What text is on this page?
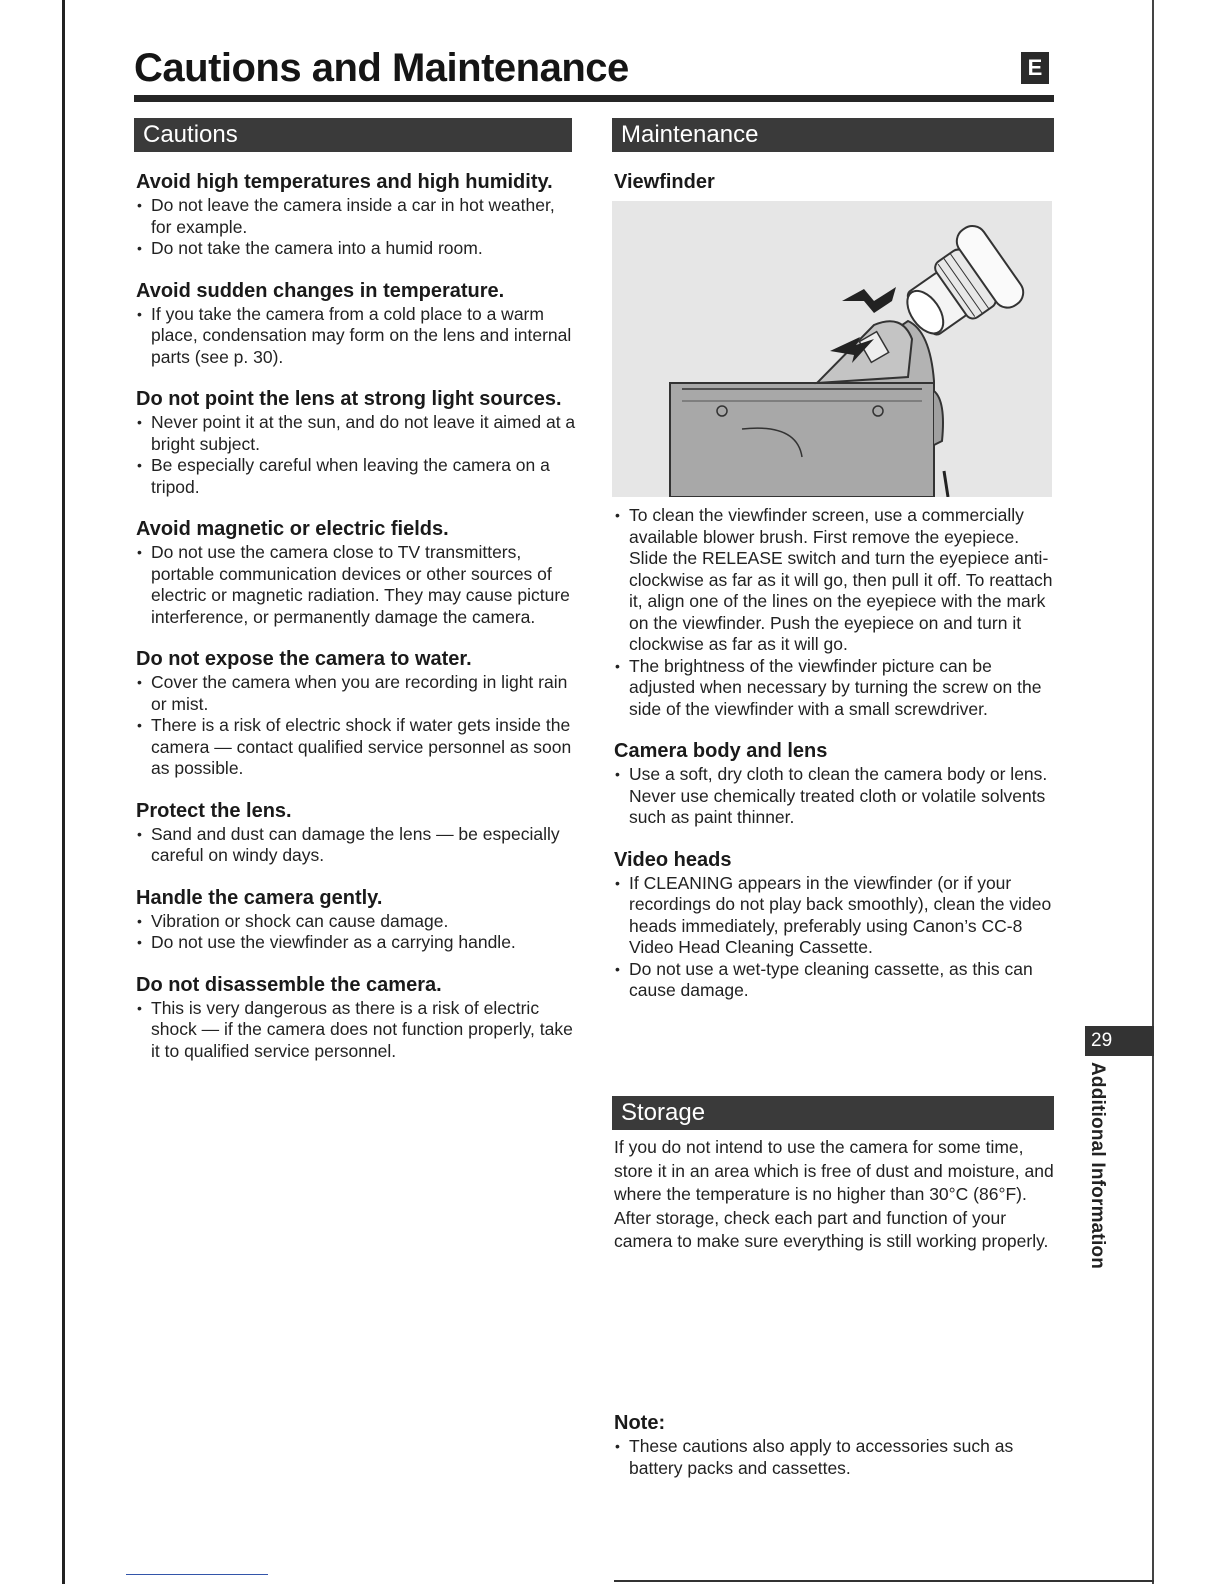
Cautions and Maintenance	E
Cautions	Maintenance
Avoid high temperatures and high humidity.
• Do not leave the camera inside a car in hot weather, for example.
• Do not take the camera into a humid room.
Avoid sudden changes in temperature.
• If you take the camera from a cold place to a warm place, condensation may form on the lens and internal parts (see p. 30).
Do not point the lens at strong light sources.
• Never point it at the sun, and do not leave it aimed at a bright subject.
• Be especially careful when leaving the camera on a tripod.
Avoid magnetic or electric fields.
• Do not use the camera close to TV transmitters, portable communication devices or other sources of electric or magnetic radiation. They may cause picture interference, or permanently damage the camera.
Do not expose the camera to water.
• Cover the camera when you are recording in light rain or mist.
• There is a risk of electric shock if water gets inside the camera — contact qualified service personnel as soon as possible.
Protect the lens.
• Sand and dust can damage the lens — be especially careful on windy days.
Handle the camera gently.
• Vibration or shock can cause damage.
• Do not use the viewfinder as a carrying handle.
Do not disassemble the camera.
• This is very dangerous as there is a risk of electric shock — if the camera does not function properly, take it to qualified service personnel.
Viewfinder
• To clean the viewfinder screen, use a commercially available blower brush. First remove the eyepiece. Slide the RELEASE switch and turn the eyepiece anti-clockwise as far as it will go, then pull it off. To reattach it, align one of the lines on the eyepiece with the mark on the viewfinder. Push the eyepiece on and turn it clockwise as far as it will go.
• The brightness of the viewfinder picture can be adjusted when necessary by turning the screw on the side of the viewfinder with a small screwdriver.
Camera body and lens
• Use a soft, dry cloth to clean the camera body or lens. Never use chemically treated cloth or volatile solvents such as paint thinner.
Video heads
• If CLEANING appears in the viewfinder (or if your recordings do not play back smoothly), clean the video heads immediately, preferably using Canon’s CC-8 Video Head Cleaning Cassette.
• Do not use a wet-type cleaning cassette, as this can cause damage.
Storage
If you do not intend to use the camera for some time, store it in an area which is free of dust and moisture, and where the temperature is no higher than 30°C (86°F).
After storage, check each part and function of your camera to make sure everything is still working properly.
Note:
• These cautions also apply to accessories such as battery packs and cassettes.
29
Additional Information
